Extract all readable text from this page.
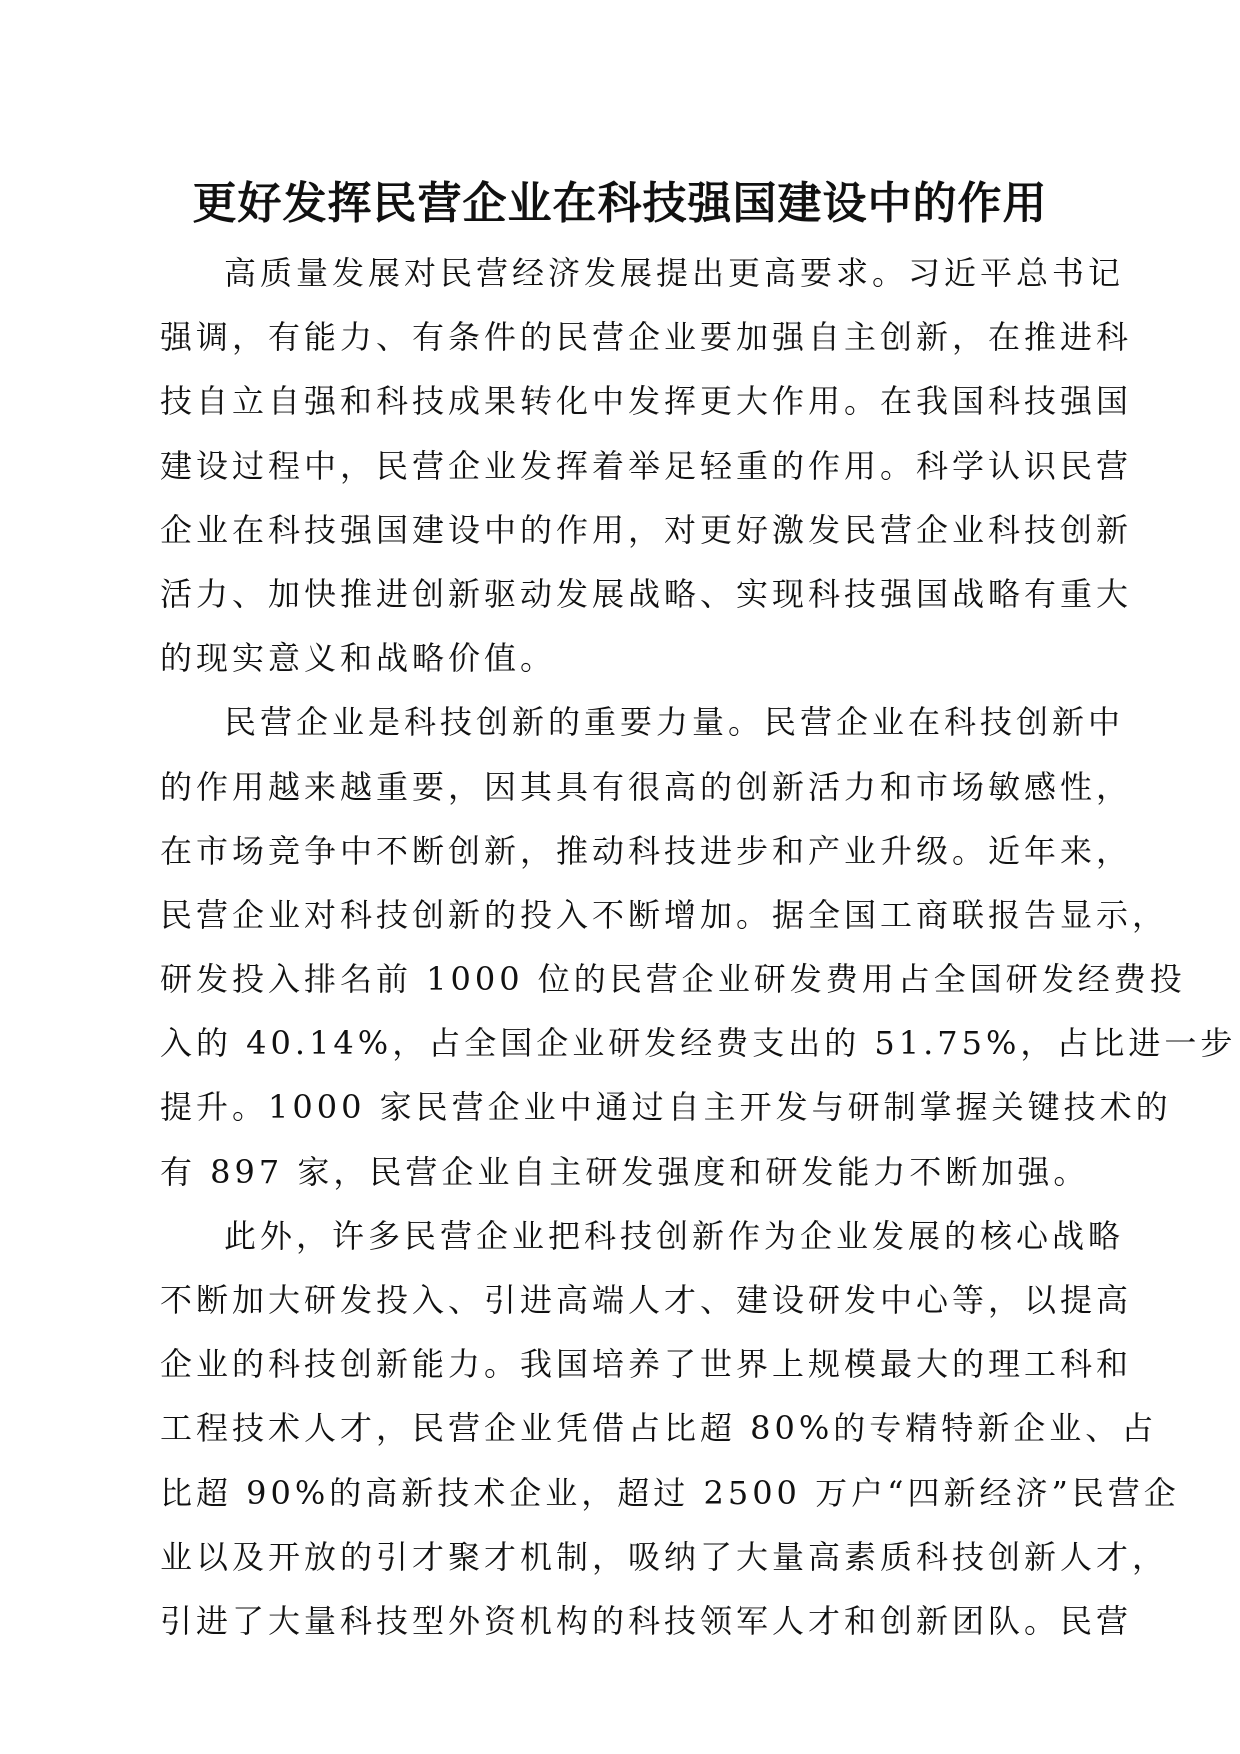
更好发挥民营企业在科技强国建设中的作用
高质量发展对民营经济发展提出更高要求。习近平总书记
强调，有能力、有条件的民营企业要加强自主创新，在推进科
技自立自强和科技成果转化中发挥更大作用。在我国科技强国
建设过程中，民营企业发挥着举足轻重的作用。科学认识民营
企业在科技强国建设中的作用，对更好激发民营企业科技创新
活力、加快推进创新驱动发展战略、实现科技强国战略有重大
的现实意义和战略价值。
民营企业是科技创新的重要力量。民营企业在科技创新中
的作用越来越重要，因其具有很高的创新活力和市场敏感性，
在市场竞争中不断创新，推动科技进步和产业升级。近年来，
民营企业对科技创新的投入不断增加。据全国工商联报告显示，
研发投入排名前 1000 位的民营企业研发费用占全国研发经费投
入的 40.14%，占全国企业研发经费支出的 51.75%，占比进一步
提升。1000 家民营企业中通过自主开发与研制掌握关键技术的
有 897 家，民营企业自主研发强度和研发能力不断加强。
此外，许多民营企业把科技创新作为企业发展的核心战略
不断加大研发投入、引进高端人才、建设研发中心等，以提高
企业的科技创新能力。我国培养了世界上规模最大的理工科和
工程技术人才，民营企业凭借占比超 80%的专精特新企业、占
比超 90%的高新技术企业，超过 2500 万户“四新经济”民营企
业以及开放的引才聚才机制，吸纳了大量高素质科技创新人才，
引进了大量科技型外资机构的科技领军人才和创新团队。民营
